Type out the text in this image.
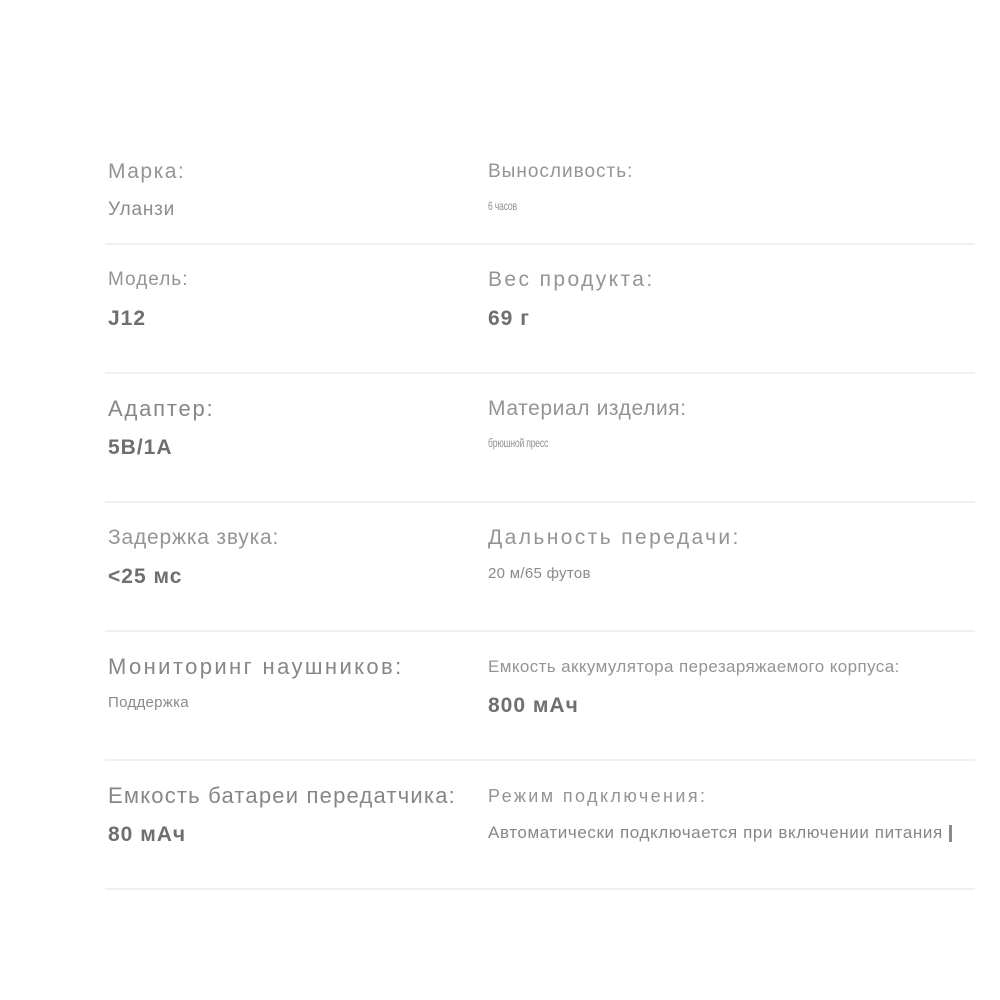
Марка:
Уланзи
Выносливость:
6 часов
Модель:
J12
Вес продукта:
69 г
Адаптер:
5В/1А
Материал изделия:
брюшной пресс
Задержка звука:
<25 мс
Дальность передачи:
20 м/65 футов
Мониторинг наушников:
Поддержка
Емкость аккумулятора перезаряжаемого корпуса:
800 мАч
Емкость батареи передатчика:
80 мАч
Режим подключения:
Автоматически подключается при включении питания
